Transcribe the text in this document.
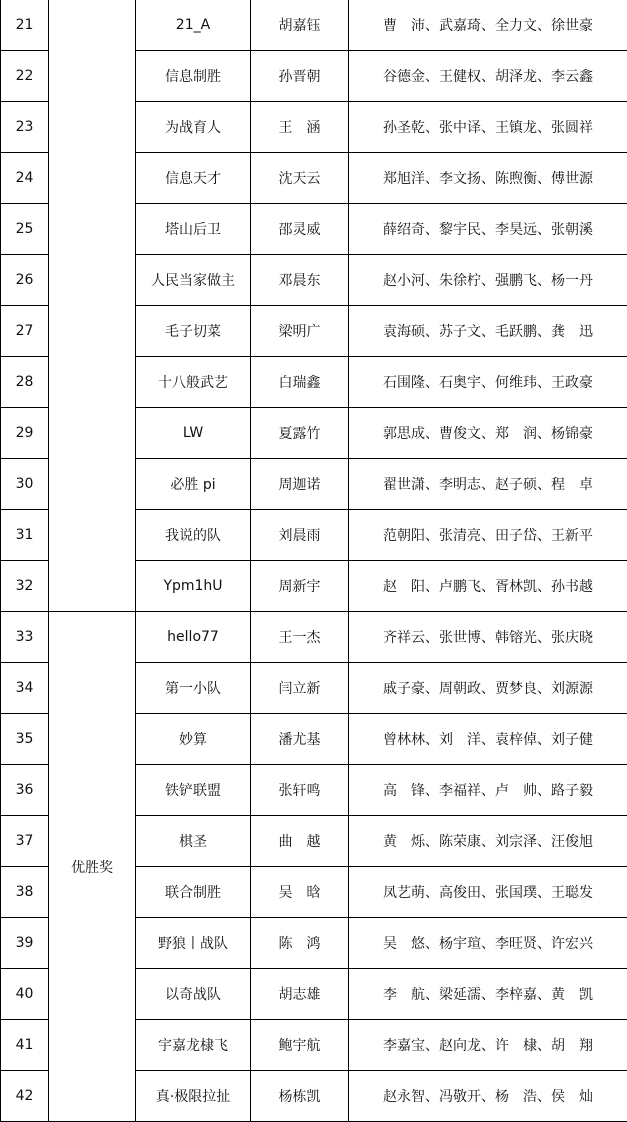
21		21_A	胡嘉钰	曹　沛、武嘉琦、全力文、徐世豪
22		信息制胜	孙晋朝	谷德金、王健权、胡泽龙、李云鑫
23		为战育人	王　涵	孙圣乾、张中译、王镇龙、张圆祥
24		信息天才	沈天云	郑旭洋、李文扬、陈煦衡、傅世源
25		塔山后卫	邵灵威	薛绍奇、黎宇民、李昊远、张朝溪
26		人民当家做主	邓晨东	赵小河、朱徐柠、强鹏飞、杨一丹
27		毛子切菜	梁明广	袁海硕、苏子文、毛跃鹏、龚　迅
28		十八般武艺	白瑞鑫	石围隆、石奥宇、何维玮、王政豪
29		LW	夏露竹	郭思成、曹俊文、郑　润、杨锦豪
30		必胜 pi	周迦诺	翟世潇、李明志、赵子硕、程　卓
31		我说的队	刘晨雨	范朝阳、张清亮、田子岱、王新平
32		Ypm1hU	周新宇	赵　阳、卢鹏飞、胥林凯、孙书越
33	优胜奖	hello77	王一杰	齐祥云、张世博、韩镕光、张庆晓
34		第一小队	闫立新	戚子豪、周朝政、贾梦良、刘源源
35		妙算	潘尤基	曾林林、刘　洋、袁梓倬、刘子健
36		铁铲联盟	张轩鸣	高　锋、李福祥、卢　帅、路子毅
37		棋圣	曲　越	黄　烁、陈荣康、刘宗泽、汪俊旭
38		联合制胜	吴　晗	凤艺萌、高俊田、张国璞、王聪发
39		野狼丨战队	陈　鸿	吴　悠、杨宇瑄、李旺贤、许宏兴
40		以奇战队	胡志雄	李　航、梁延濡、李梓嘉、黄　凯
41		宇嘉龙棣飞	鲍宇航	李嘉宝、赵向龙、许　棣、胡　翔
42		真·极限拉扯	杨栋凯	赵永智、冯敬开、杨　浩、侯　灿
